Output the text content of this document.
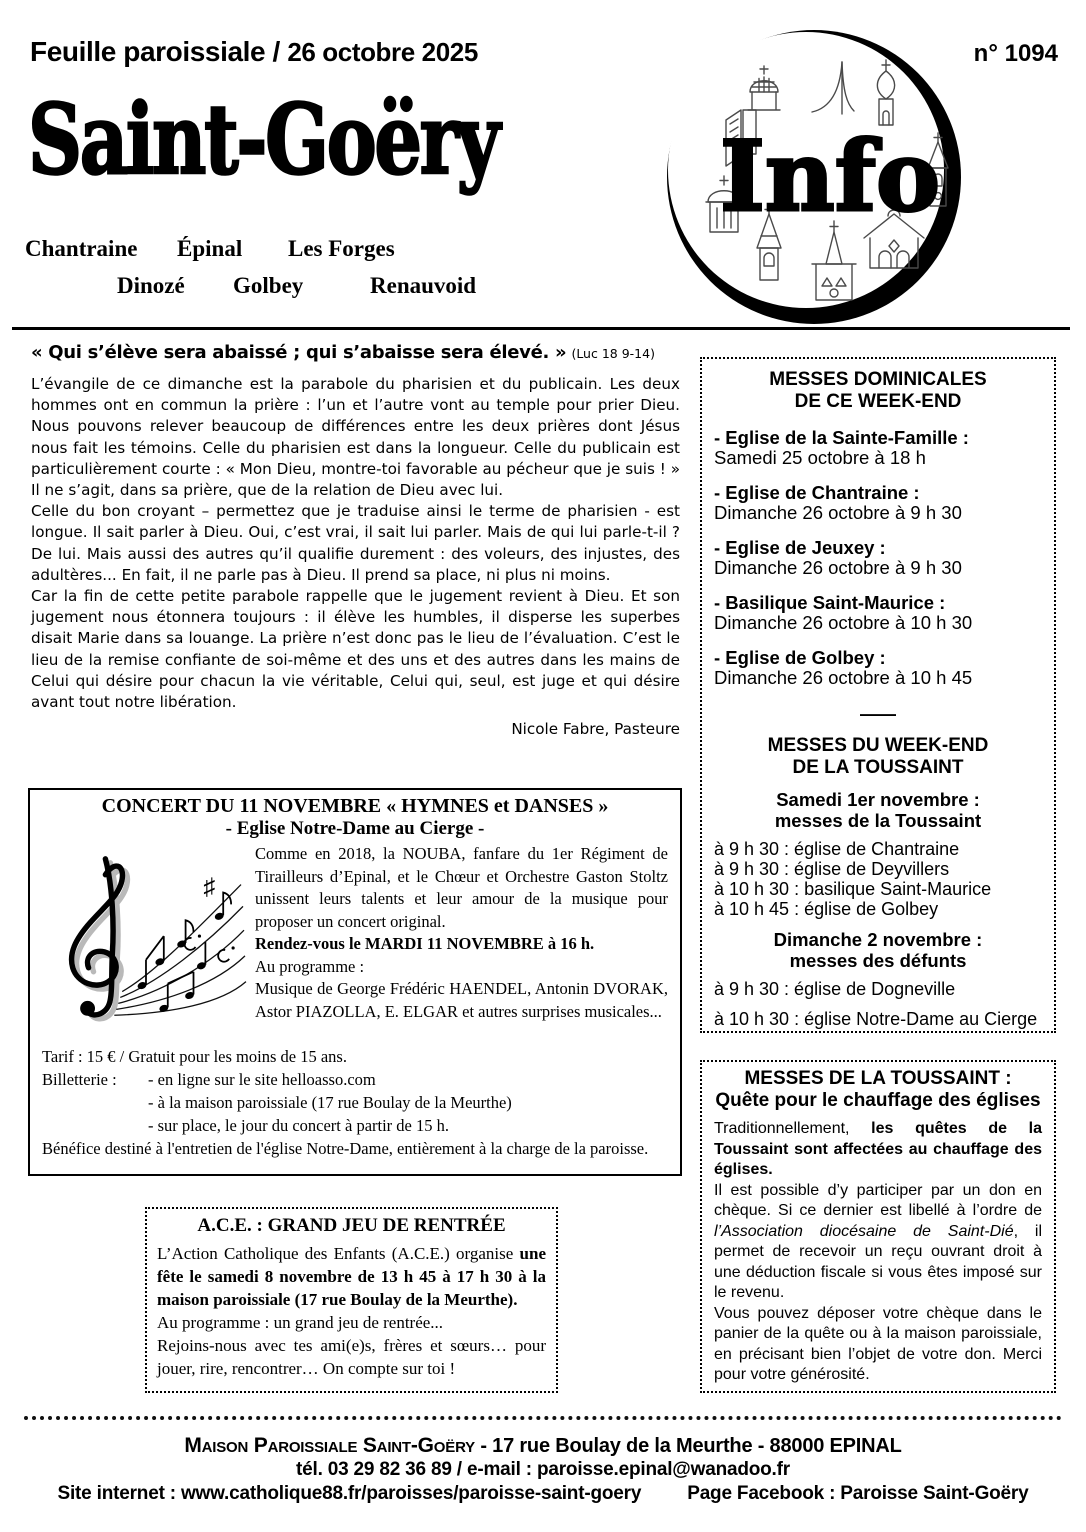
Feuille paroissiale / 26 octobre 2025	n° 1094
Saint-Goëry
Chantraine Épinal Les Forges
Dinozé Golbey	Renauvoid
Info
« Qui s’élève sera abaissé ; qui s’abaisse sera élevé. » (Luc 18 9-14)

L’évangile de ce dimanche est la parabole du pharisien et du publicain. Les deux hommes ont en commun la prière : l’un et l’autre vont au temple pour prier Dieu. Nous pouvons relever beaucoup de différences entre les deux prières dont Jésus nous fait les témoins. Celle du pharisien est dans la longueur. Celle du publicain est particulièrement courte : « Mon Dieu, montre-toi favorable au pécheur que je suis ! » Il ne s’agit, dans sa prière, que de la relation de Dieu avec lui.

Celle du bon croyant – permettez que je traduise ainsi le terme de pharisien - est longue. Il sait parler à Dieu. Oui, c’est vrai, il sait lui parler. Mais de qui lui parle-t-il ? De lui. Mais aussi des autres qu’il qualifie durement : des voleurs, des injustes, des adultères... En fait, il ne parle pas à Dieu. Il prend sa place, ni plus ni moins.

Car la fin de cette petite parabole rappelle que le jugement revient à Dieu. Et son jugement nous étonnera toujours : il élève les humbles, il disperse les superbes disait Marie dans sa louange. La prière n’est donc pas le lieu de l’évaluation. C’est le lieu de la remise confiante de soi-même et des uns et des autres dans les mains de Celui qui désire pour chacun la vie véritable, Celui qui, seul, est juge et qui désire avant tout notre libération.

Nicole Fabre, Pasteure
CONCERT DU 11 NOVEMBRE « HYMNES et DANSES »
- Eglise Notre-Dame au Cierge -
♯
Comme en 2018, la NOUBA, fanfare du 1er Régiment de Tirailleurs d’Epinal, et le Chœur et Orchestre Gaston Stoltz unissent leurs talents et leur amour de la musique pour proposer un concert original.
Rendez-vous le MARDI 11 NOVEMBRE à 16 h.
Au programme :
Musique de George Frédéric HAENDEL, Antonin DVORAK, Astor PIAZOLLA, E. ELGAR et autres surprises musicales...
Tarif : 15 € / Gratuit pour les moins de 15 ans.
Billetterie :	- en ligne sur le site helloasso.com
- à la maison paroissiale (17 rue Boulay de la Meurthe)
- sur place, le jour du concert à partir de 15 h.
Bénéfice destiné à l'entretien de l'église Notre-Dame, entièrement à la charge de la paroisse.
A.C.E. : GRAND JEU DE RENTRÉE
L’Action Catholique des Enfants (A.C.E.) organise une fête le samedi 8 novembre de 13 h 45 à 17 h 30 à la maison paroissiale (17 rue Boulay de la Meurthe).
Au programme : un grand jeu de rentrée...
Rejoins-nous avec tes ami(e)s, frères et sœurs… pour jouer, rire, rencontrer… On compte sur toi !
MESSES DOMINICALES
DE CE WEEK-END
- Eglise de la Sainte-Famille :
Samedi 25 octobre à 18 h
- Eglise de Chantraine :
Dimanche 26 octobre à 9 h 30
- Eglise de Jeuxey :
Dimanche 26 octobre à 9 h 30
- Basilique Saint-Maurice :
Dimanche 26 octobre à 10 h 30
- Eglise de Golbey :
Dimanche 26 octobre à 10 h 45
——
MESSES DU WEEK-END
DE LA TOUSSAINT
Samedi 1er novembre :
messes de la Toussaint
à 9 h 30 : église de Chantraine
à 9 h 30 : église de Deyvillers
à 10 h 30 : basilique Saint-Maurice
à 10 h 45 : église de Golbey
Dimanche 2 novembre :
messes des défunts
à 9 h 30 : église de Dogneville
à 10 h 30 : église Notre-Dame au Cierge
MESSES DE LA TOUSSAINT :
Quête pour le chauffage des églises
Traditionnellement, les quêtes de la Toussaint sont affectées au chauffage des églises.
Il est possible d’y participer par un don en chèque. Si ce dernier est libellé à l’ordre de l’Association diocésaine de Saint-Dié, il permet de recevoir un reçu ouvrant droit à une déduction fiscale si vous êtes imposé sur le revenu.
Vous pouvez déposer votre chèque dans le panier de la quête ou à la maison paroissiale, en précisant bien l’objet de votre don. Merci pour votre générosité.
Maison Paroissiale Saint-Goëry - 17 rue Boulay de la Meurthe - 88000 EPINAL
tél. 03 29 82 36 89 / e-mail : paroisse.epinal@wanadoo.fr
Site internet : www.catholique88.fr/paroisses/paroisse-saint-goery Page Facebook : Paroisse Saint-Goëry
